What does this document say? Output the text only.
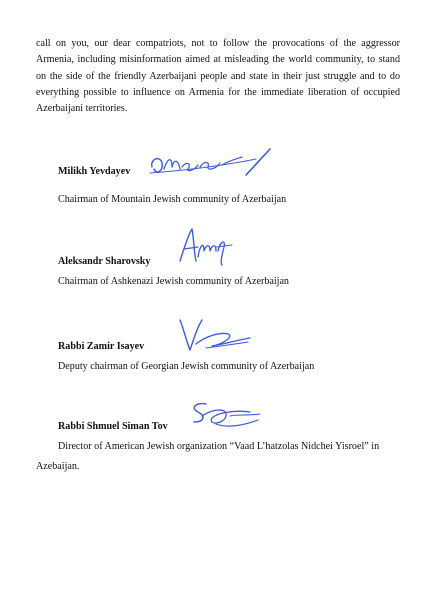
call on you, our dear compatriots, not to follow the provocations of the aggressor Armenia, including misinformation aimed at misleading the world community, to stand on the side of the friendly Azerbaijani people and state in their just struggle and to do everything possible to influence on Armenia for the immediate liberation of occupied Azerbaijani territories.

Milikh Yevdayev

Chairman of Mountain Jewish community of Azerbaijan

Aleksandr Sharovsky

Chairman of Ashkenazi Jewish community of Azerbaijan

Rabbi Zamir Isayev

Deputy chairman of Georgian Jewish community of Azerbaijan

Rabbi Shmuel Siman Tov

Director of American Jewish organization “Vaad L’hatzolas Nidchei Yisroel” in

Azebaijan.
